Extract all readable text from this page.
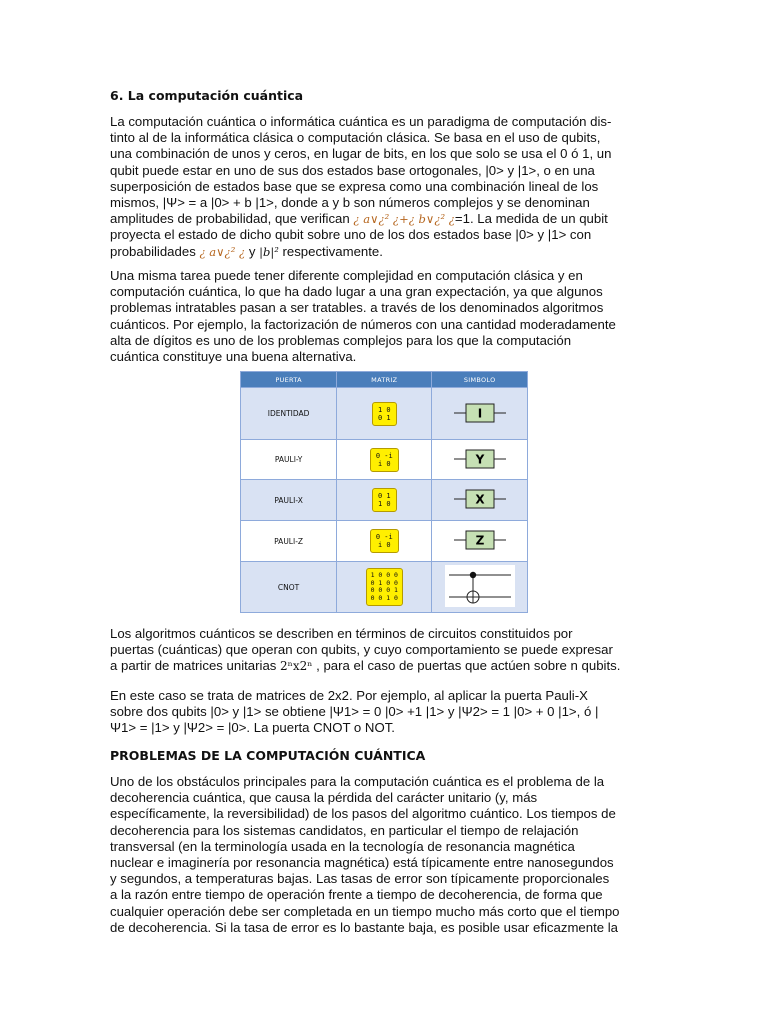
6. La computación cuántica

La computación cuántica o informática cuántica es un paradigma de computación dis-
tinto al de la informática clásica o computación clásica. Se basa en el uso de qubits,
una combinación de unos y ceros, en lugar de bits, en los que solo se usa el 0 ó 1, un
qubit puede estar en uno de sus dos estados base ortogonales, |0> y |1>, o en una
superposición de estados base que se expresa como una combinación lineal de los
mismos, |Ψ> = a |0> + b |1>, donde a y b son números complejos y se denominan
amplitudes de probabilidad, que verifican ¿ a∨¿² ¿+¿ b∨¿² ¿=1. La medida de un qubit
proyecta el estado de dicho qubit sobre uno de los dos estados base |0> y |1> con
probabilidades ¿ a∨¿² ¿ y |b|² respectivamente.

Una misma tarea puede tener diferente complejidad en computación clásica y en
computación cuántica, lo que ha dado lugar a una gran expectación, ya que algunos
problemas intratables pasan a ser tratables. a través de los denominados algoritmos
cuánticos. Por ejemplo, la factorización de números con una cantidad moderadamente
alta de dígitos es uno de los problemas complejos para los que la computación
cuántica constituye una buena alternativa.

PUERTA	MATRIZ	SIMBOLO
IDENTIDAD	1 0
0 1	I

PAULI-Y	0 -i
i 0	Y

PAULI-X	0 1
1 0	X

PAULI-Z	0 -i
i 0	Z

CNOT	1 0 0 0
0 1 0 0
0 0 0 1
0 0 1 0

Los algoritmos cuánticos se describen en términos de circuitos constituidos por
puertas (cuánticas) que operan con qubits, y cuyo comportamiento se puede expresar
a partir de matrices unitarias 2ⁿx2ⁿ , para el caso de puertas que actúen sobre n qubits.

En este caso se trata de matrices de 2x2. Por ejemplo, al aplicar la puerta Pauli-X
sobre dos qubits |0> y |1> se obtiene |Ψ1> = 0 |0> +1 |1> y |Ψ2> = 1 |0> + 0 |1>, ó |
Ψ1> = |1> y |Ψ2> = |0>. La puerta CNOT o NOT.

PROBLEMAS DE LA COMPUTACIÓN CUÁNTICA

Uno de los obstáculos principales para la computación cuántica es el problema de la
decoherencia cuántica, que causa la pérdida del carácter unitario (y, más
específicamente, la reversibilidad) de los pasos del algoritmo cuántico. Los tiempos de
decoherencia para los sistemas candidatos, en particular el tiempo de relajación
transversal (en la terminología usada en la tecnología de resonancia magnética
nuclear e imaginería por resonancia magnética) está típicamente entre nanosegundos
y segundos, a temperaturas bajas. Las tasas de error son típicamente proporcionales
a la razón entre tiempo de operación frente a tiempo de decoherencia, de forma que
cualquier operación debe ser completada en un tiempo mucho más corto que el tiempo
de decoherencia. Si la tasa de error es lo bastante baja, es posible usar eficazmente la
